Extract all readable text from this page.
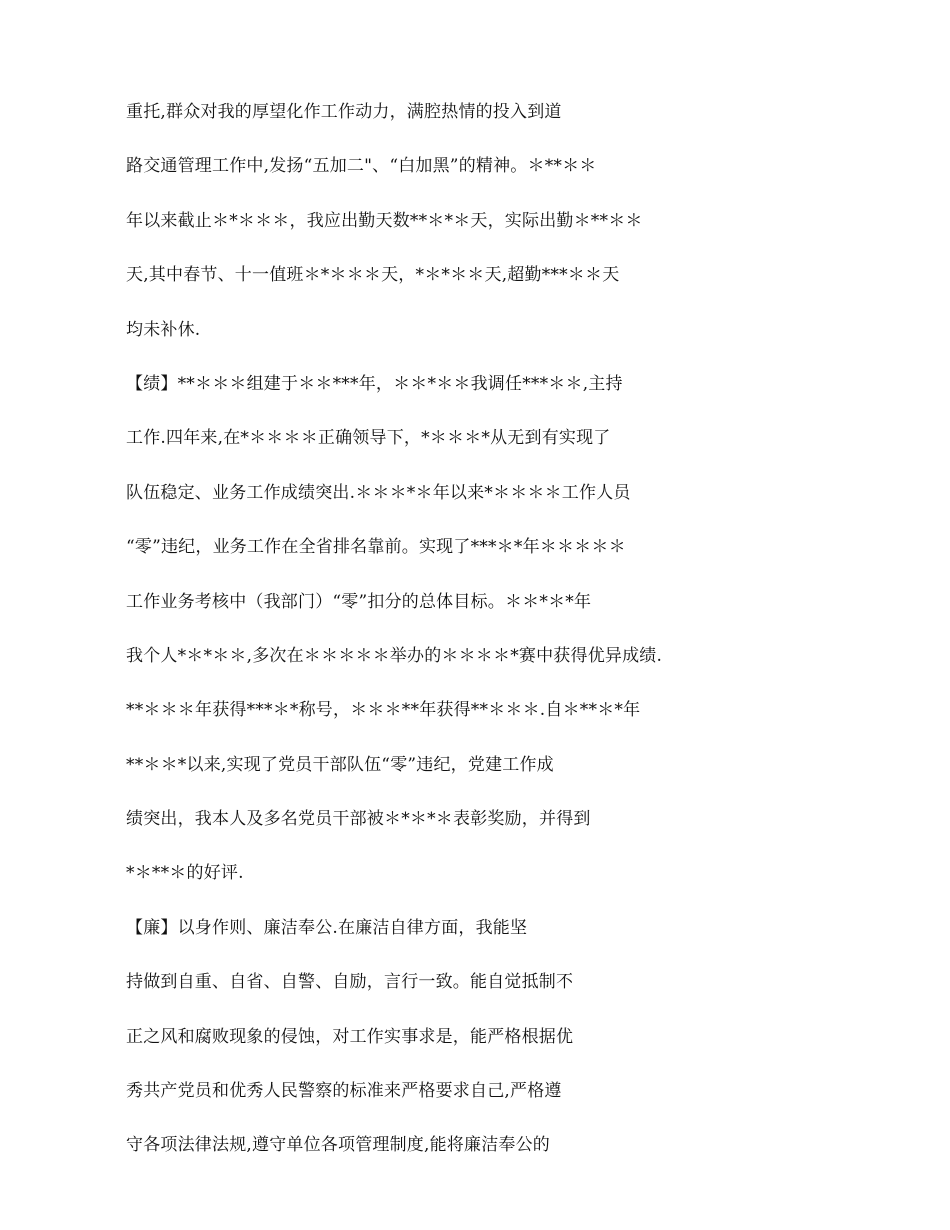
重托,群众对我的厚望化作工作动力，满腔热情的投入到道
路交通管理工作中,发扬“五加二"、“白加黑”的精神。＊**＊＊
年以来截止＊*＊＊＊，我应出勤天数**＊*＊天，实际出勤＊**＊＊
天,其中春节、十一值班＊*＊＊＊天，*＊*＊＊天,超勤***＊＊天
均未补休.
【绩】**＊＊＊组建于＊＊***年，＊＊*＊＊我调任***＊＊,主持
工作.四年来,在*＊＊＊＊正确领导下，*＊＊＊*从无到有实现了
队伍稳定、业务工作成绩突出.＊＊＊*＊年以来*＊＊＊＊工作人员
“零”违纪，业务工作在全省排名靠前。实现了***＊*年＊＊＊＊＊
工作业务考核中（我部门）“零”扣分的总体目标。＊＊*＊*年
我个人*＊*＊＊,多次在＊＊＊＊＊举办的＊＊＊＊*赛中获得优异成绩.
**＊＊＊年获得***＊*称号，＊＊＊**年获得**＊＊＊.自＊**＊*年
**＊＊*以来,实现了党员干部队伍“零”违纪，党建工作成
绩突出，我本人及多名党员干部被＊*＊*＊表彰奖励，并得到
*＊**＊的好评.
【廉】以身作则、廉洁奉公.在廉洁自律方面，我能坚
持做到自重、自省、自警、自励，言行一致。能自觉抵制不
正之风和腐败现象的侵蚀，对工作实事求是，能严格根据优
秀共产党员和优秀人民警察的标准来严格要求自己,严格遵
守各项法律法规,遵守单位各项管理制度,能将廉洁奉公的
